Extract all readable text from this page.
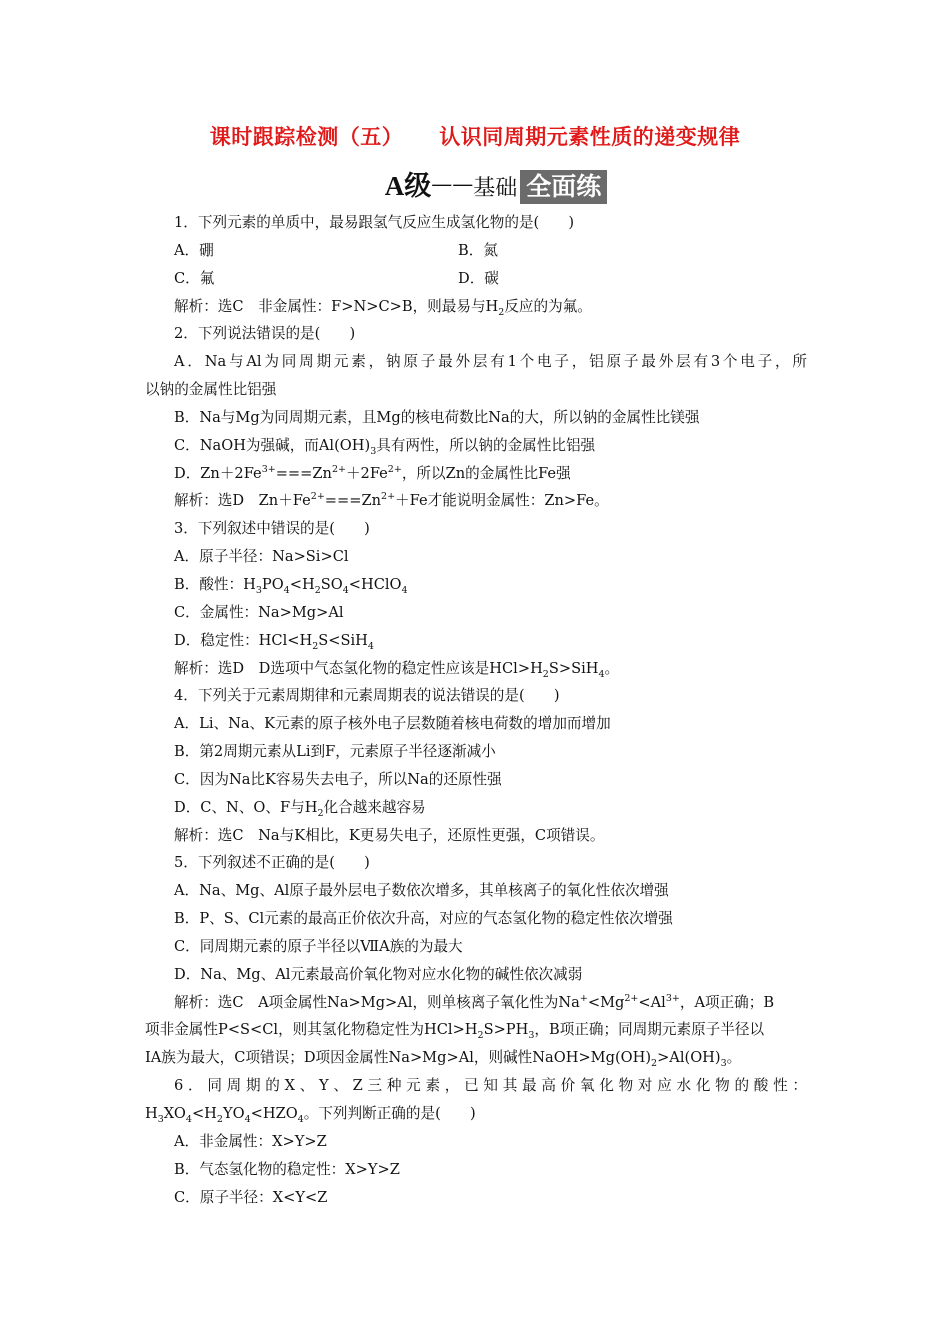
课时跟踪检测（五） 认识同周期元素性质的递变规律
A级——基础 全面练
1．下列元素的单质中，最易跟氢气反应生成氢化物的是(　　)
A．硼	B．氮
C．氟	D．碳
解析：选C　非金属性：F>N>C>B，则最易与$H_2$反应的为氟。
2．下列说法错误的是(　　)
A．Na与Al为同周期元素，钠原子最外层有1个电子，铝原子最外层有3个电子，所
以钠的金属性比铝强
B．Na与Mg为同周期元素，且Mg的核电荷数比Na的大，所以钠的金属性比镁强
C．NaOH为强碱，而$Al(OH)_3$具有两性，所以钠的金属性比铝强
D．$Zn+2Fe^{3+}===Zn^{2+}+2Fe^{2+}$，所以Zn的金属性比Fe强
解析：选D　$Zn+Fe^{2+}===Zn^{2+}+Fe$才能说明金属性：Zn>Fe。
3．下列叙述中错误的是(　　)
A．原子半径：Na>Si>Cl
B．酸性：$H_3PO_4<H_2SO_4<HClO_4$
C．金属性：Na>Mg>Al
D．稳定性：$HCl<H_2S<SiH_4$
解析：选D　D选项中气态氢化物的稳定性应该是$HCl>H_2S>SiH_4$。
4．下列关于元素周期律和元素周期表的说法错误的是(　　)
A．Li、Na、K元素的原子核外电子层数随着核电荷数的增加而增加
B．第2周期元素从Li到F，元素原子半径逐渐减小
C．因为Na比K容易失去电子，所以Na的还原性强
D．C、N、O、F与$H_2$化合越来越容易
解析：选C　Na与K相比，K更易失电子，还原性更强，C项错误。
5．下列叙述不正确的是(　　)
A．Na、Mg、Al原子最外层电子数依次增多，其单核离子的氧化性依次增强
B．P、S、Cl元素的最高正价依次升高，对应的气态氢化物的稳定性依次增强
C．同周期元素的原子半径以ⅦA族的为最大
D．Na、Mg、Al元素最高价氧化物对应水化物的碱性依次减弱
解析：选C　A项金属性Na>Mg>Al，则单核离子氧化性为$Na^+<Mg^{2+}<Al^{3+}$，A项正确；B
项非金属性P<S<Cl，则其氢化物稳定性为$HCl>H_2S>PH_3$，B项正确；同周期元素原子半径以
ⅠA族为最大，C项错误；D项因金属性Na>Mg>Al，则碱性$NaOH>Mg(OH)_2>Al(OH)_3$。
6．同周期的X、Y、Z三种元素，已知其最高价氧化物对应水化物的酸性：
$H_3XO_4<H_2YO_4<HZO_4$。下列判断正确的是(　　)
A．非金属性：X>Y>Z
B．气态氢化物的稳定性：X>Y>Z
C．原子半径：X<Y<Z
